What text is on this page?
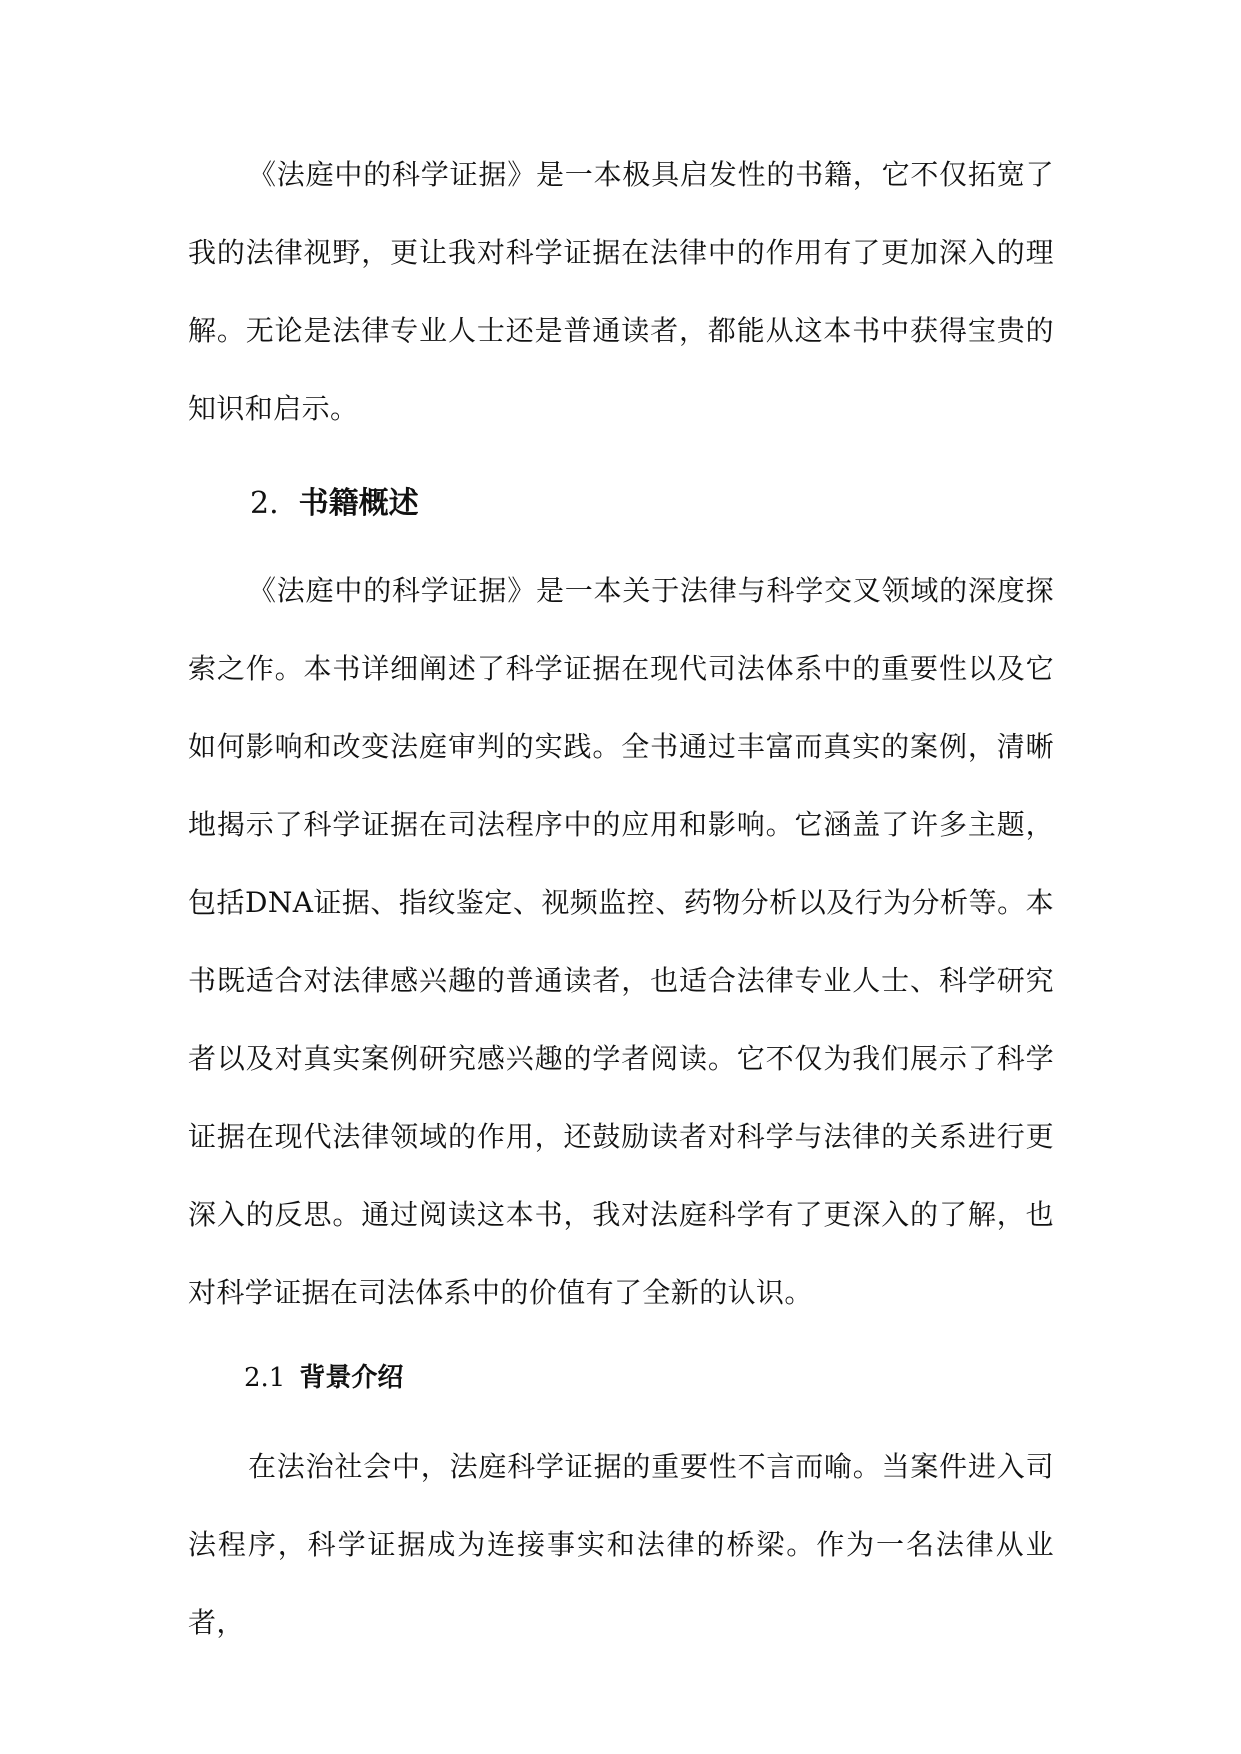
《法庭中的科学证据》是一本极具启发性的书籍，它不仅拓宽了我的法律视野，更让我对科学证据在法律中的作用有了更加深入的理解。无论是法律专业人士还是普通读者，都能从这本书中获得宝贵的知识和启示。

2. 书籍概述

《法庭中的科学证据》是一本关于法律与科学交叉领域的深度探索之作。本书详细阐述了科学证据在现代司法体系中的重要性以及它如何影响和改变法庭审判的实践。全书通过丰富而真实的案例，清晰地揭示了科学证据在司法程序中的应用和影响。它涵盖了许多主题，包括DNA证据、指纹鉴定、视频监控、药物分析以及行为分析等。本书既适合对法律感兴趣的普通读者，也适合法律专业人士、科学研究者以及对真实案例研究感兴趣的学者阅读。它不仅为我们展示了科学证据在现代法律领域的作用，还鼓励读者对科学与法律的关系进行更深入的反思。通过阅读这本书，我对法庭科学有了更深入的了解，也对科学证据在司法体系中的价值有了全新的认识。

2.1 背景介绍

在法治社会中，法庭科学证据的重要性不言而喻。当案件进入司法程序，科学证据成为连接事实和法律的桥梁。作为一名法律从业者，
